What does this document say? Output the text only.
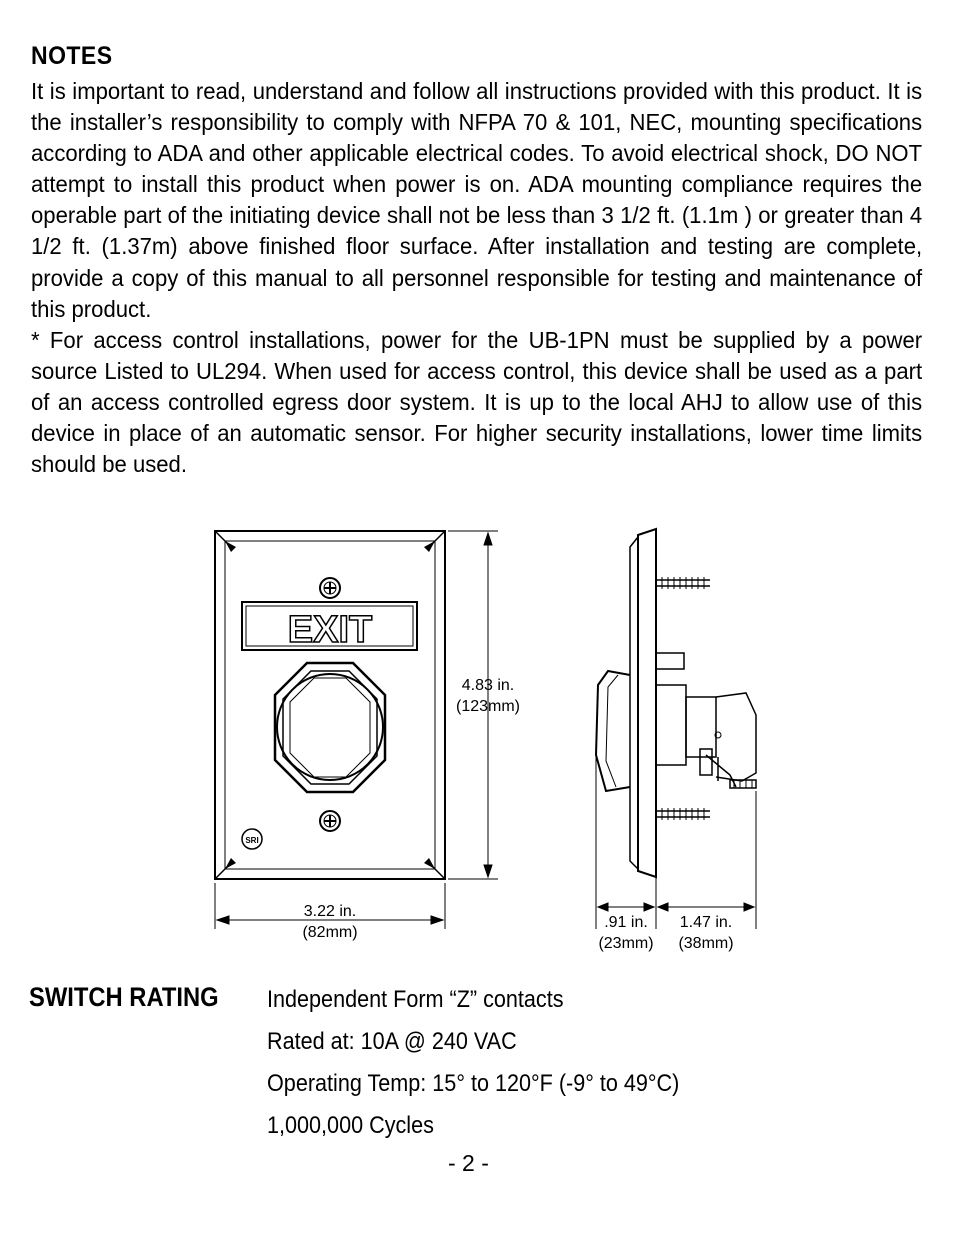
NOTES

It is important to read, understand and follow all instructions provided with this product. It is the installer’s responsibility to comply with NFPA 70 & 101, NEC, mounting specifications according to ADA and other applicable electrical codes. To avoid electrical shock, DO NOT attempt to install this product when power is on. ADA mounting compliance requires the operable part of the initiating device shall not be less than 3 1/2 ft. (1.1m ) or greater than 4 1/2 ft. (1.37m) above finished floor surface. After installation and testing are complete, provide a copy of this manual to all personnel responsible for testing and maintenance of this product.

* For access control installations, power for the UB-1PN must be supplied by a power source Listed to UL294. When used for access control, this device shall be used as a part of an access controlled egress door system. It is up to the local AHJ to allow use of this device in place of an automatic sensor. For higher security installations, lower time limits should be used.

EXIT
SRI
4.83 in.
(123mm)
3.22 in.
(82mm)
.91 in.
(23mm)
1.47 in.
(38mm)
SWITCH RATING Independent Form “Z” contacts
Rated at: 10A @ 240 VAC
Operating Temp: 15° to 120°F (-9° to 49°C)
1,000,000 Cycles
- 2 -
